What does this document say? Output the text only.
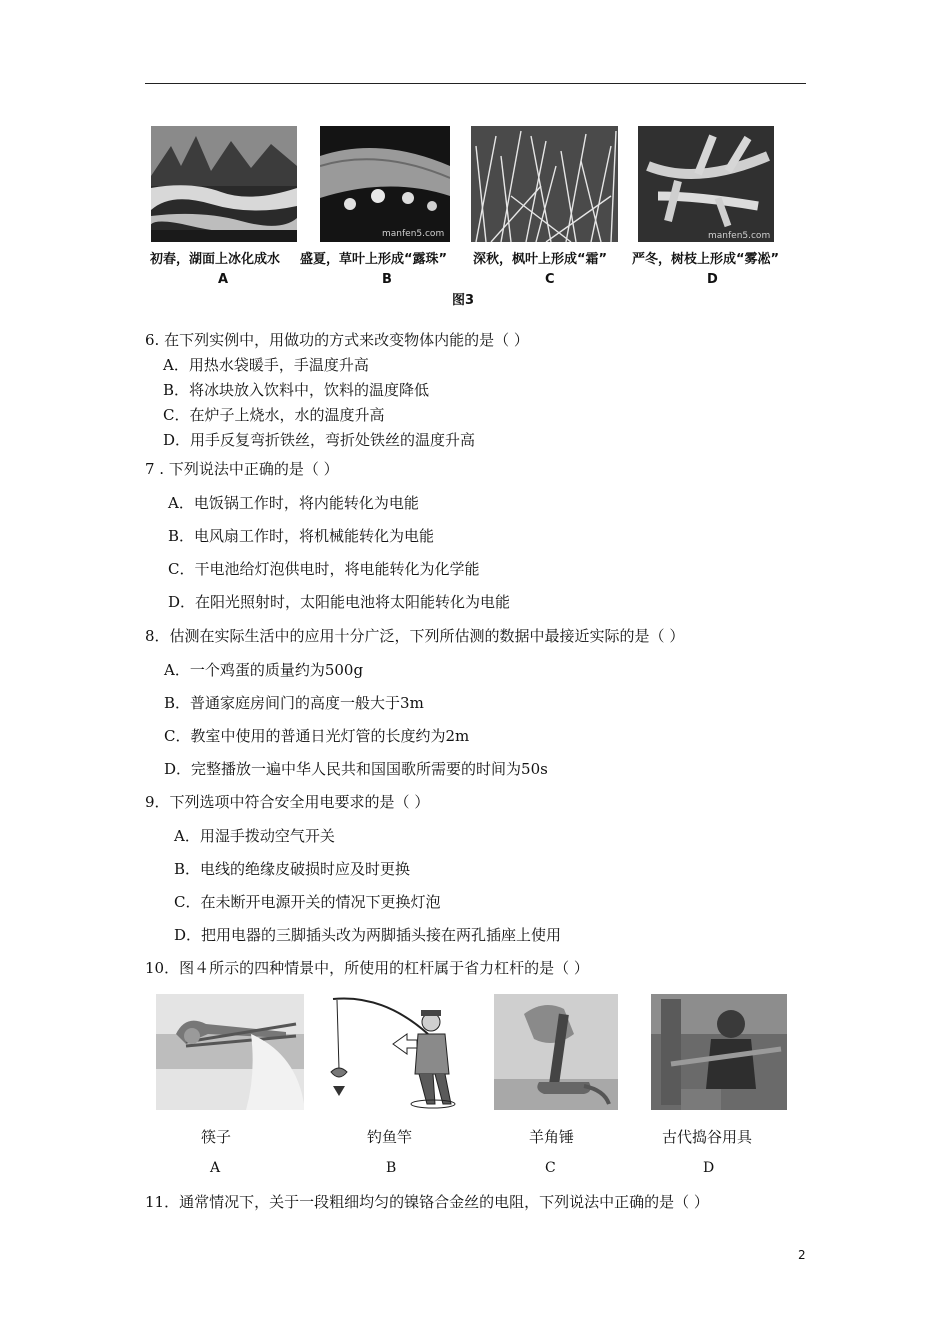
manfen5.com	manfen5.com
初春，湖面上冰化成水 盛夏，草叶上形成“露珠” 深秋，枫叶上形成“霜” 严冬，树枝上形成“雾凇”
A	B	C	D
图3
6. 在下列实例中，用做功的方式来改变物体内能的是（ ）
A．用热水袋暖手，手温度升高
B．将冰块放入饮料中，饮料的温度降低
C．在炉子上烧水，水的温度升高
D．用手反复弯折铁丝，弯折处铁丝的温度升高
7 . 下列说法中正确的是（ ）
A．电饭锅工作时，将内能转化为电能
B．电风扇工作时，将机械能转化为电能
C．干电池给灯泡供电时，将电能转化为化学能
D．在阳光照射时，太阳能电池将太阳能转化为电能
8．估测在实际生活中的应用十分广泛，下列所估测的数据中最接近实际的是（ ）
A．一个鸡蛋的质量约为500g
B．普通家庭房间门的高度一般大于3m
C．教室中使用的普通日光灯管的长度约为2m
D．完整播放一遍中华人民共和国国歌所需要的时间为50s
9．下列选项中符合安全用电要求的是（ ）
A．用湿手拨动空气开关
B．电线的绝缘皮破损时应及时更换
C．在未断开电源开关的情况下更换灯泡
D．把用电器的三脚插头改为两脚插头接在两孔插座上使用
10．图４所示的四种情景中，所使用的杠杆属于省力杠杆的是（ ）
筷子	钓鱼竿	羊角锤	古代捣谷用具
A	B	C	D
11．通常情况下，关于一段粗细均匀的镍铬合金丝的电阻，下列说法中正确的是（ ）
2
